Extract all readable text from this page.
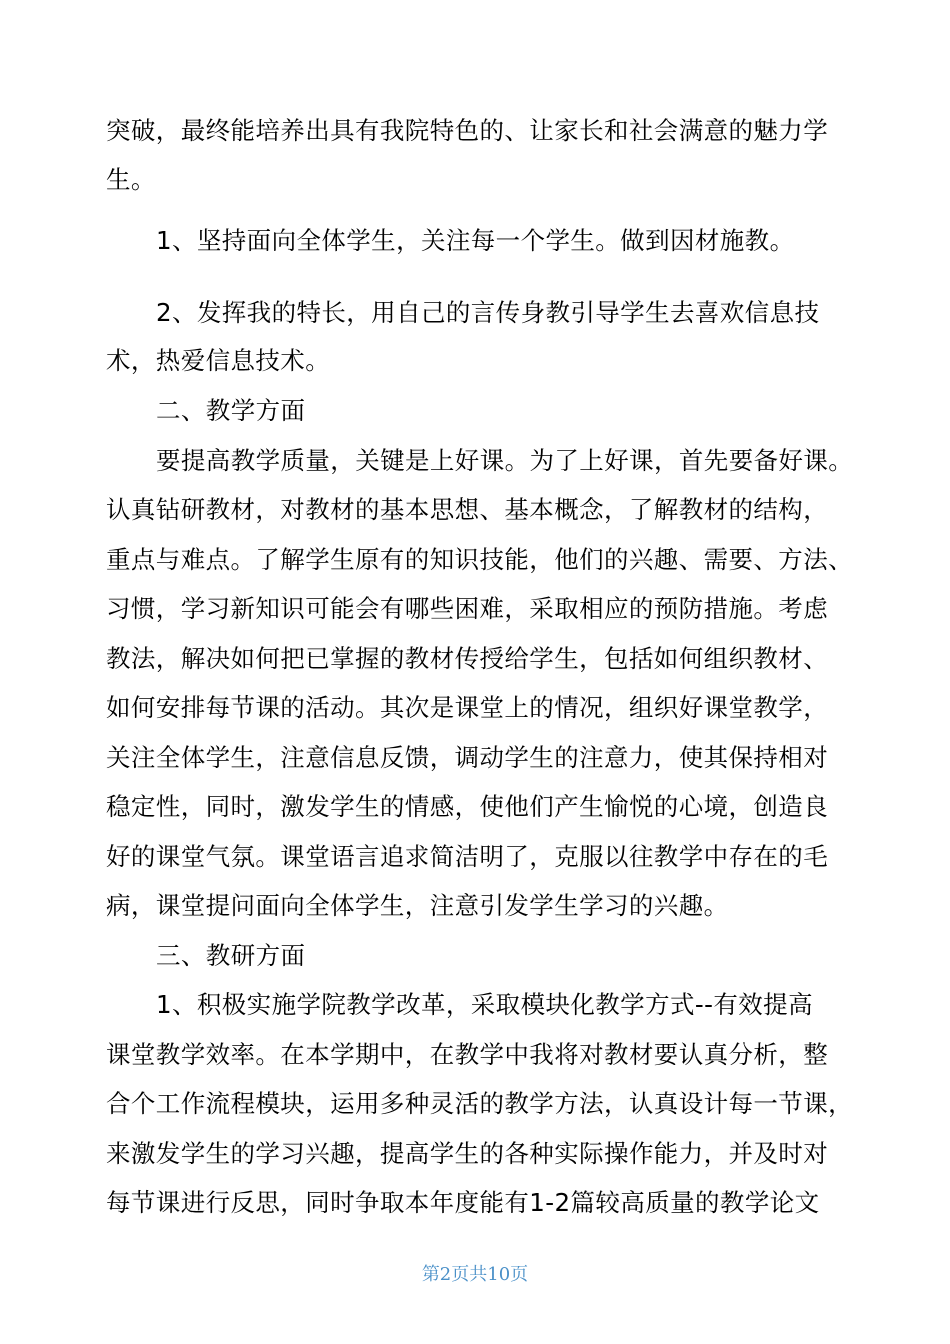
突破，最终能培养出具有我院特色的、让家长和社会满意的魅力学
生。
1、坚持面向全体学生，关注每一个学生。做到因材施教。
2、发挥我的特长，用自己的言传身教引导学生去喜欢信息技
术，热爱信息技术。
二、教学方面
要提高教学质量，关键是上好课。为了上好课，首先要备好课。
认真钻研教材，对教材的基本思想、基本概念，了解教材的结构，
重点与难点。了解学生原有的知识技能，他们的兴趣、需要、方法、
习惯，学习新知识可能会有哪些困难，采取相应的预防措施。考虑
教法，解决如何把已掌握的教材传授给学生，包括如何组织教材、
如何安排每节课的活动。其次是课堂上的情况，组织好课堂教学，
关注全体学生，注意信息反馈，调动学生的注意力，使其保持相对
稳定性，同时，激发学生的情感，使他们产生愉悦的心境，创造良
好的课堂气氛。课堂语言追求简洁明了，克服以往教学中存在的毛
病，课堂提问面向全体学生，注意引发学生学习的兴趣。
三、教研方面
1、积极实施学院教学改革，采取模块化教学方式--有效提高
课堂教学效率。在本学期中，在教学中我将对教材要认真分析，整
合个工作流程模块，运用多种灵活的教学方法，认真设计每一节课，
来激发学生的学习兴趣，提高学生的各种实际操作能力，并及时对
每节课进行反思，同时争取本年度能有1-2篇较高质量的教学论文
第2页共10页
